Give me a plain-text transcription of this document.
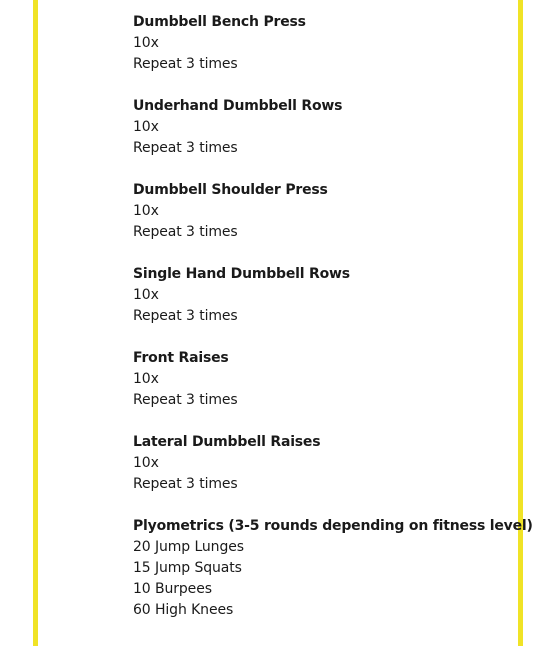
Dumbbell Bench Press
10x
Repeat 3 times
Underhand Dumbbell Rows
10x
Repeat 3 times
Dumbbell Shoulder Press
10x
Repeat 3 times
Single Hand Dumbbell Rows
10x
Repeat 3 times
Front Raises
10x
Repeat 3 times
Lateral Dumbbell Raises
10x
Repeat 3 times
Plyometrics (3-5 rounds depending on fitness level)
20 Jump Lunges
15 Jump Squats
10 Burpees
60 High Knees
